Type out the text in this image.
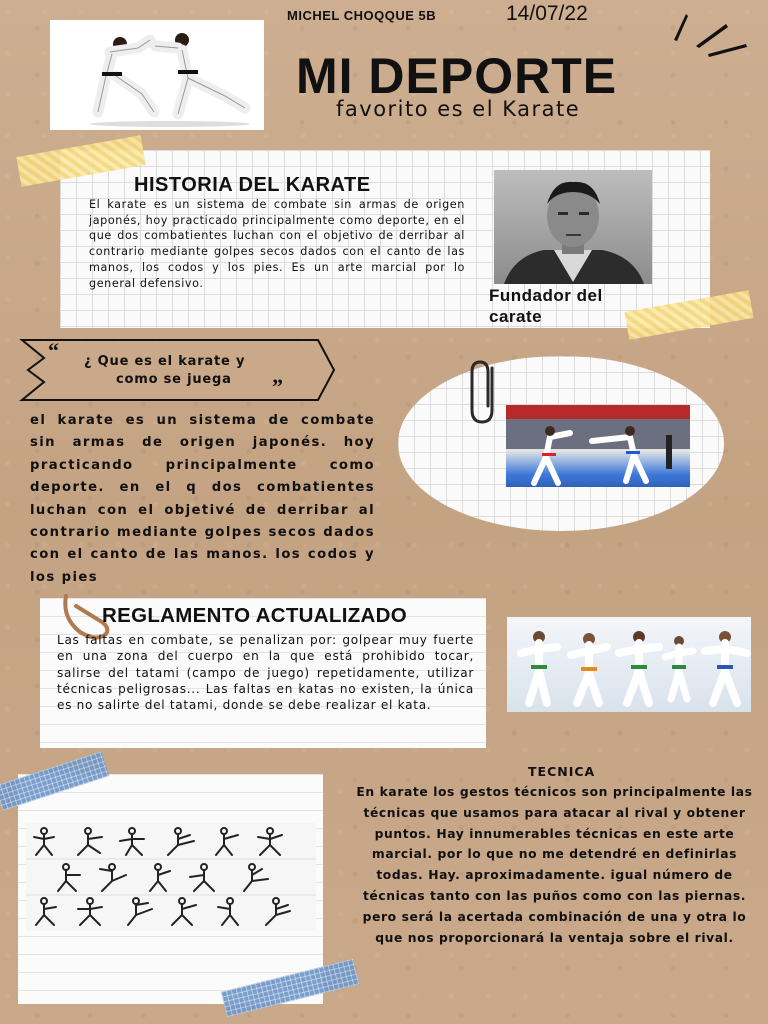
MICHEL CHOQQUE 5B	14/07/22
MI DEPORTE
favorito es el Karate
HISTORIA DEL KARATE
El karate es un sistema de combate sin armas de origen japonés, hoy practicado principalmente como deporte, en el que dos combatientes luchan con el objetivo de derribar al contrario mediante golpes secos dados con el canto de las manos, los codos y los pies. Es un arte marcial por lo general defensivo.
Fundador del carate
“ ¿ Que es el karate y
como se juega ”
el karate es un sistema de combate sin armas de origen japonés. hoy practicando principalmente como deporte. en el q dos combatientes luchan con el objetivé de derribar al contrario mediante golpes secos dados con el canto de las manos. los codos y los pies
REGLAMENTO ACTUALIZADO
Las faltas en combate, se penalizan por: golpear muy fuerte en una zona del cuerpo en la que está prohibido tocar, salirse del tatami (campo de juego) repetidamente, utilizar técnicas peligrosas... Las faltas en katas no existen, la única es no salirte del tatami, donde se debe realizar el kata.
TECNICA
En karate los gestos técnicos son principalmente las técnicas que usamos para atacar al rival y obtener puntos. Hay innumerables técnicas en este arte marcial. por lo que no me detendré en definirlas todas. Hay. aproximadamente. igual número de técnicas tanto con las puños como con las piernas. pero será la acertada combinación de una y otra lo que nos proporcionará la ventaja sobre el rival.
